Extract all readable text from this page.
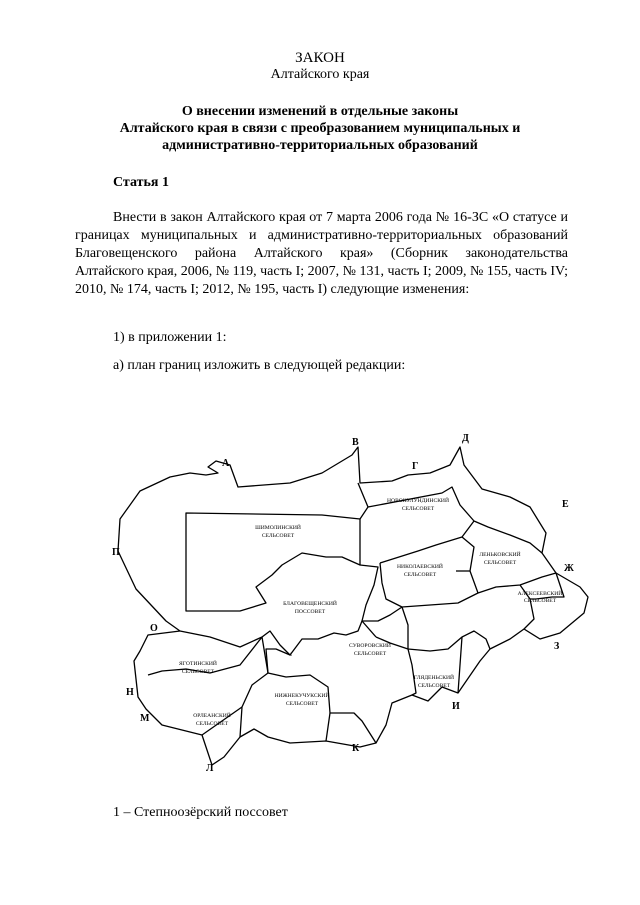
ЗАКОН
Алтайского края
О внесении изменений в отдельные законы
Алтайского края в связи с преобразованием муниципальных и
административно-территориальных образований
Статья 1

Внести в закон Алтайского края от 7 марта 2006 года № 16-ЗС «О статусе и границах муниципальных и административно-территориальных образований Благовещенского района Алтайского края» (Сборник законодательства Алтайского края, 2006, № 119, часть I; 2007, № 131, часть I; 2009, № 155, часть IV; 2010, № 174, часть I; 2012, № 195, часть I) следующие изменения:

1) в приложении 1:
а) план границ изложить в следующей редакции:
А
В
Г
Д
Е
Ж
З
И
К
Л
М
Н
О
П
ШИМОЛИНСКИЙ
СЕЛЬСОВЕТ
НОВОКУЛУНДИНСКИЙ
СЕЛЬСОВЕТ
ЛЕНЬКОВСКИЙ
СЕЛЬСОВЕТ
НИКОЛАЕВСКИЙ
СЕЛЬСОВЕТ
АЛЕКСЕЕВСКИЙ
СЕЛЬСОВЕТ
БЛАГОВЕЩЕНСКИЙ
ПОССОВЕТ
ЯГОТИНСКИЙ
СЕЛЬСОВЕТ
СУВОРОВСКИЙ
СЕЛЬСОВЕТ
ГЛЯДЕНЬСКИЙ
СЕЛЬСОВЕТ
НИЖНЕКУЧУКСКИЙ
СЕЛЬСОВЕТ
ОРЛЕАНСКИЙ
СЕЛЬСОВЕТ
1
1 – Степноозёрский поссовет
